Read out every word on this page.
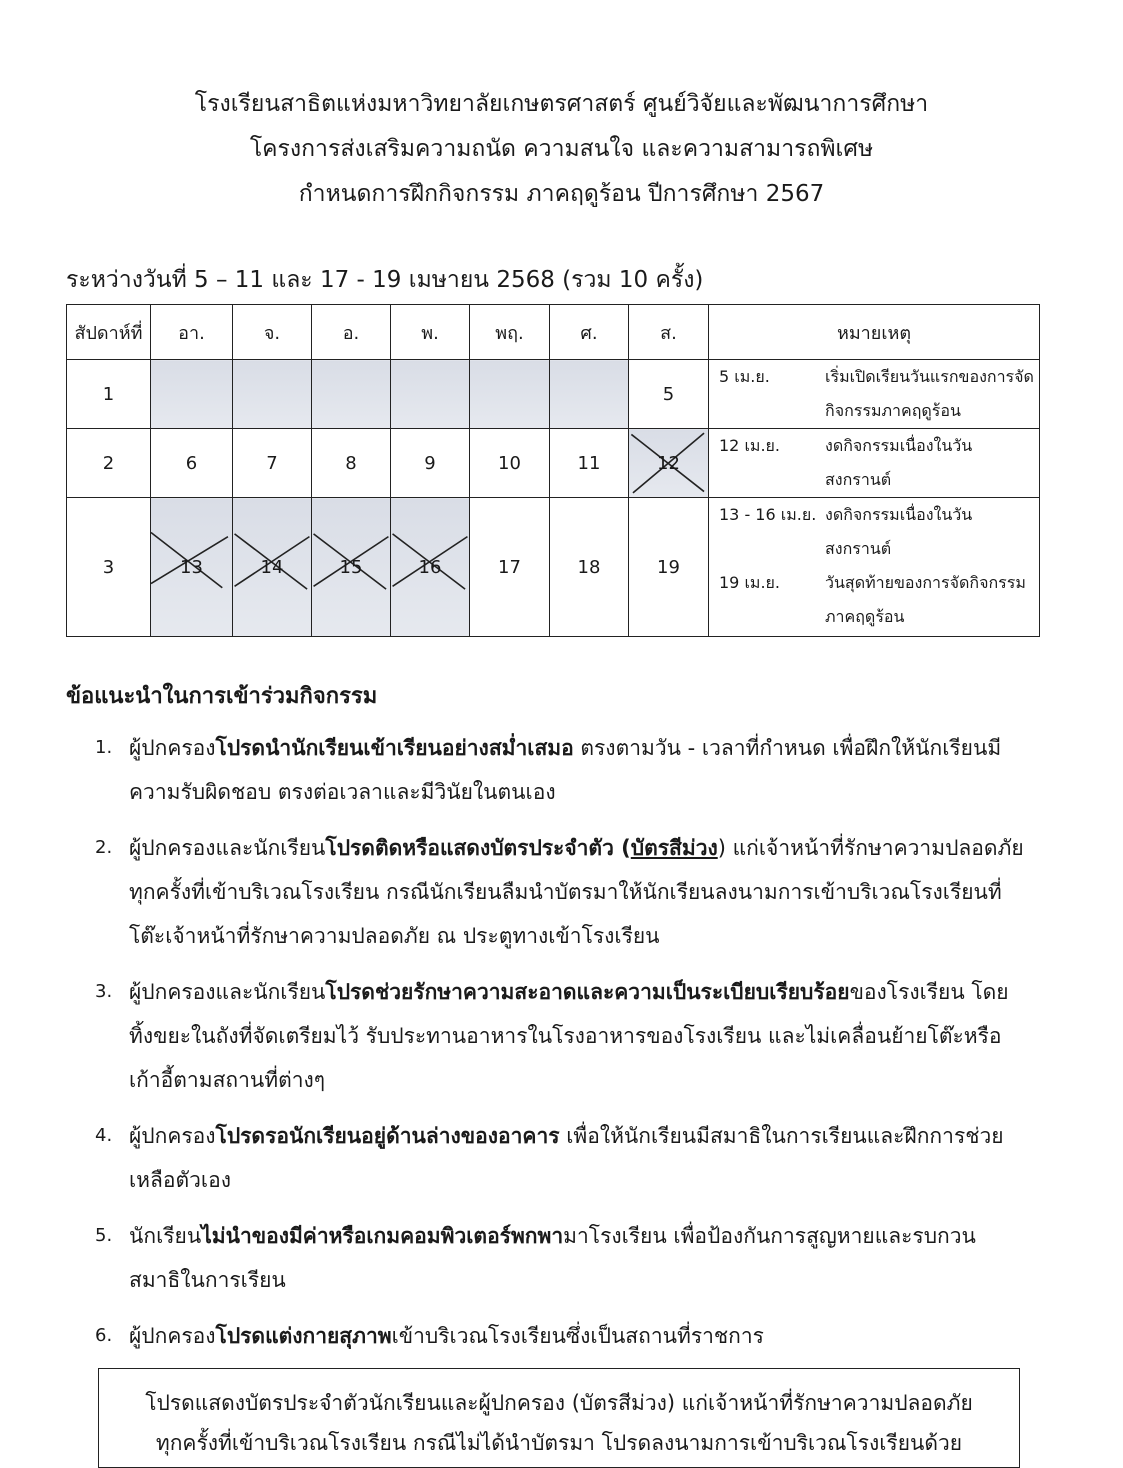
โรงเรียนสาธิตแห่งมหาวิทยาลัยเกษตรศาสตร์ ศูนย์วิจัยและพัฒนาการศึกษา
โครงการส่งเสริมความถนัด ความสนใจ และความสามารถพิเศษ
กำหนดการฝึกกิจกรรม ภาคฤดูร้อน ปีการศึกษา 2567
ระหว่างวันที่ 5 – 11 และ 17 - 19 เมษายน 2568 (รวม 10 ครั้ง)
สัปดาห์ที่	อา.	จ.	อ.	พ.	พฤ.	ศ.	ส.	หมายเหตุ
1							5	5 เม.ย. เริ่มเปิดเรียนวันแรกของการจัดกิจกรรมภาคฤดูร้อน

2	6	7	8	9	10	11	12	12 เม.ย. งดกิจกรรมเนื่องในวันสงกรานต์

3	13	14	15	16	17	18	19	13 - 16 เม.ย. งดกิจกรรมเนื่องในวันสงกรานต์
19 เม.ย. วันสุดท้ายของการจัดกิจกรรมภาคฤดูร้อน
ข้อแนะนำในการเข้าร่วมกิจกรรม
1. ผู้ปกครองโปรดนำนักเรียนเข้าเรียนอย่างสม่ำเสมอ ตรงตามวัน - เวลาที่กำหนด เพื่อฝึกให้นักเรียนมีความรับผิดชอบ ตรงต่อเวลาและมีวินัยในตนเอง
2. ผู้ปกครองและนักเรียนโปรดติดหรือแสดงบัตรประจำตัว (บัตรสีม่วง) แก่เจ้าหน้าที่รักษาความปลอดภัย ทุกครั้งที่เข้าบริเวณโรงเรียน กรณีนักเรียนลืมนำบัตรมาให้นักเรียนลงนามการเข้าบริเวณโรงเรียนที่โต๊ะเจ้าหน้าที่รักษาความปลอดภัย ณ ประตูทางเข้าโรงเรียน
3. ผู้ปกครองและนักเรียนโปรดช่วยรักษาความสะอาดและความเป็นระเบียบเรียบร้อยของโรงเรียน โดยทิ้งขยะในถังที่จัดเตรียมไว้ รับประทานอาหารในโรงอาหารของโรงเรียน และไม่เคลื่อนย้ายโต๊ะหรือเก้าอี้ตามสถานที่ต่างๆ
4. ผู้ปกครองโปรดรอนักเรียนอยู่ด้านล่างของอาคาร เพื่อให้นักเรียนมีสมาธิในการเรียนและฝึกการช่วยเหลือตัวเอง
5. นักเรียนไม่นำของมีค่าหรือเกมคอมพิวเตอร์พกพามาโรงเรียน เพื่อป้องกันการสูญหายและรบกวนสมาธิในการเรียน
6. ผู้ปกครองโปรดแต่งกายสุภาพเข้าบริเวณโรงเรียนซึ่งเป็นสถานที่ราชการ
โปรดแสดงบัตรประจำตัวนักเรียนและผู้ปกครอง (บัตรสีม่วง) แก่เจ้าหน้าที่รักษาความปลอดภัย
ทุกครั้งที่เข้าบริเวณโรงเรียน กรณีไม่ได้นำบัตรมา โปรดลงนามการเข้าบริเวณโรงเรียนด้วย
